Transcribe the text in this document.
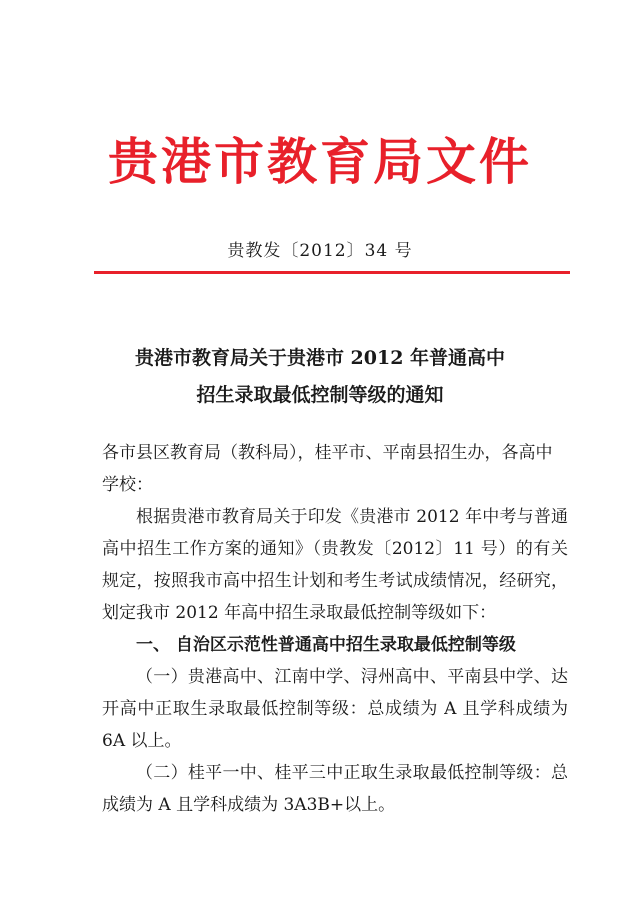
贵港市教育局文件
贵教发〔2012〕34 号
贵港市教育局关于贵港市 2012 年普通高中
招生录取最低控制等级的通知

各市县区教育局（教科局），桂平市、平南县招生办，各高中

学校：

根据贵港市教育局关于印发《贵港市 2012 年中考与普通高中招生工作方案的通知》（贵教发〔2012〕11 号）的有关规定，按照我市高中招生计划和考生考试成绩情况，经研究，划定我市 2012 年高中招生录取最低控制等级如下：

一、 自治区示范性普通高中招生录取最低控制等级

（一）贵港高中、江南中学、浔州高中、平南县中学、达开高中正取生录取最低控制等级：总成绩为 A 且学科成绩为 6A 以上。

（二）桂平一中、桂平三中正取生录取最低控制等级：总成绩为 A 且学科成绩为 3A3B+以上。
